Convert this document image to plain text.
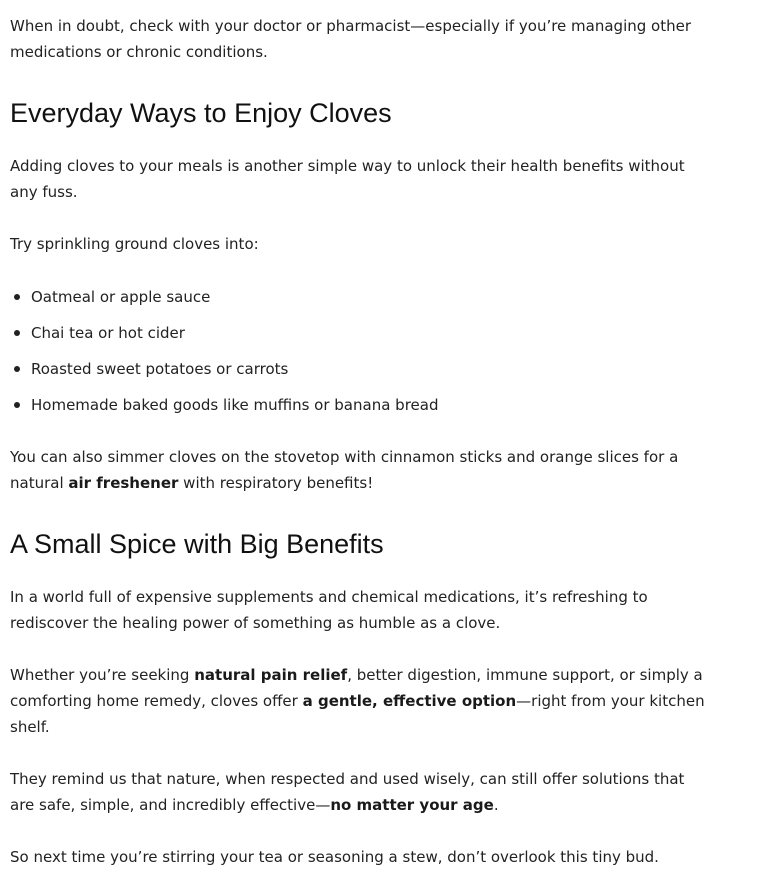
When in doubt, check with your doctor or pharmacist—especially if you’re managing other medications or chronic conditions.

Everyday Ways to Enjoy Cloves

Adding cloves to your meals is another simple way to unlock their health benefits without any fuss.

Try sprinkling ground cloves into:

Oatmeal or apple sauce
Chai tea or hot cider
Roasted sweet potatoes or carrots
Homemade baked goods like muffins or banana bread

You can also simmer cloves on the stovetop with cinnamon sticks and orange slices for a natural air freshener with respiratory benefits!

A Small Spice with Big Benefits

In a world full of expensive supplements and chemical medications, it’s refreshing to rediscover the healing power of something as humble as a clove.

Whether you’re seeking natural pain relief, better digestion, immune support, or simply a comforting home remedy, cloves offer a gentle, effective option—right from your kitchen shelf.

They remind us that nature, when respected and used wisely, can still offer solutions that are safe, simple, and incredibly effective—no matter your age.

So next time you’re stirring your tea or seasoning a stew, don’t overlook this tiny bud.
